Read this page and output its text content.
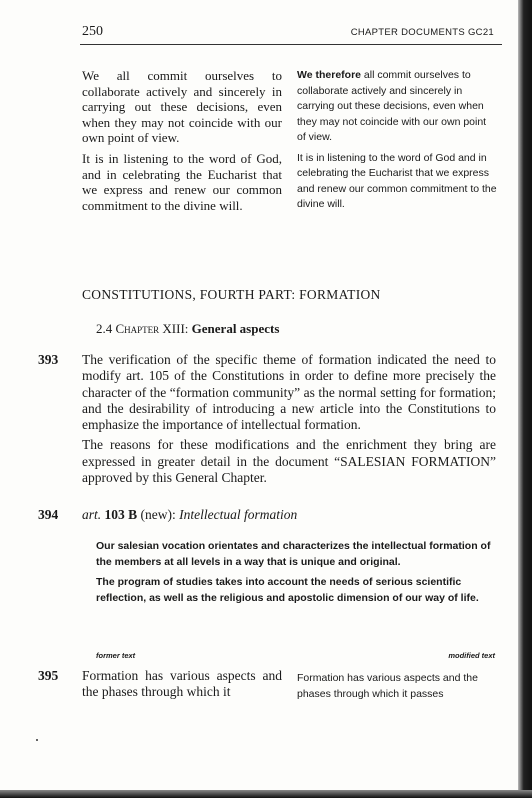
250	CHAPTER DOCUMENTS GC21

We all commit ourselves to collaborate actively and sincerely in carrying out these decisions, even when they may not coincide with our own point of view.

It is in listening to the word of God, and in celebrating the Eucharist that we express and renew our common commitment to the divine will.

We therefore all commit ourselves to collaborate actively and sincerely in carrying out these decisions, even when they may not coincide with our own point of view.

It is in listening to the word of God and in celebrating the Eucharist that we express and renew our common commitment to the divine will.

CONSTITUTIONS, FOURTH PART: FORMATION
2.4 Chapter XIII: General aspects
393 The verification of the specific theme of formation indicated the need to modify art. 105 of the Constitutions in order to define more precisely the character of the “formation community” as the normal setting for formation; and the desirability of introducing a new article into the Constitutions to emphasize the importance of intellectual formation.

The reasons for these modifications and the enrichment they bring are expressed in greater detail in the document “SALESIAN FORMATION” approved by this General Chapter.

394 art. 103 B (new): Intellectual formation

Our salesian vocation orientates and characterizes the intellectual formation of the members at all levels in a way that is unique and original.

The program of studies takes into account the needs of serious scientific reflection, as well as the religious and apostolic dimension of our way of life.

former text	modified text
395 Formation has various aspects and the phases through which it
Formation has various aspects and the phases through which it passes
